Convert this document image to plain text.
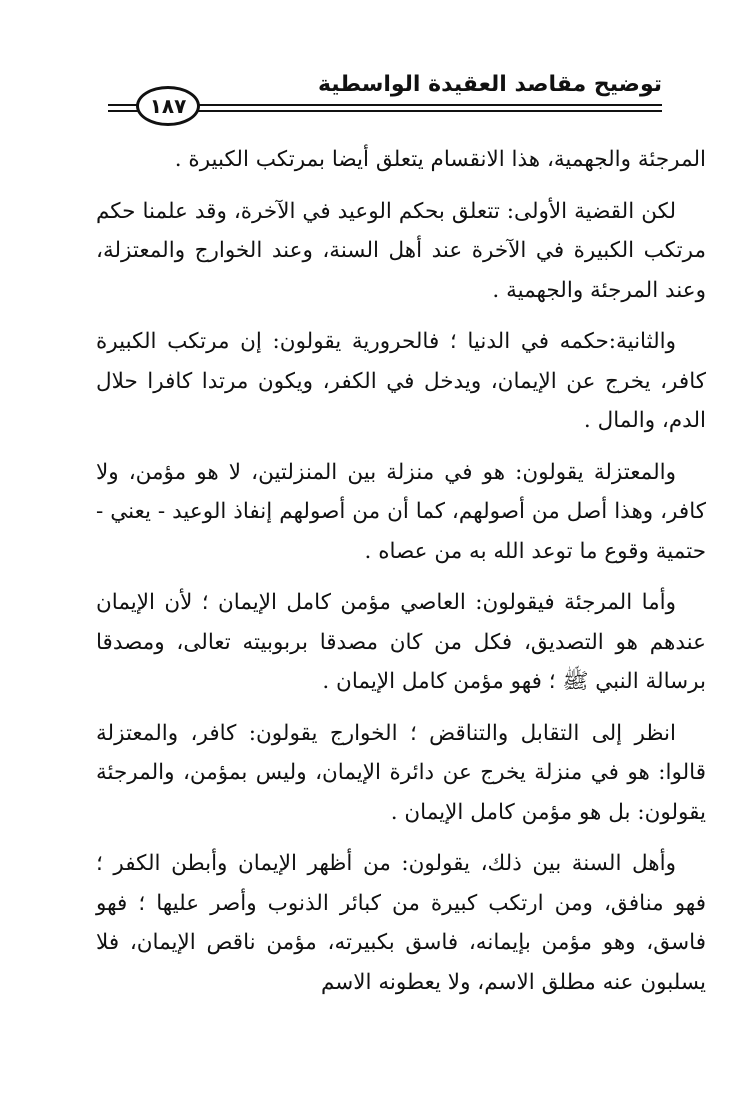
توضيح مقاصد العقيدة الواسطية
١٨٧

المرجئة والجهمية، هذا الانقسام يتعلق أيضا بمرتكب الكبيرة .

لكن القضية الأولى: تتعلق بحكم الوعيد في الآخرة، وقد علمنا حكم مرتكب الكبيرة في الآخرة عند أهل السنة، وعند الخوارج والمعتزلة، وعند المرجئة والجهمية .

والثانية:حكمه في الدنيا ؛ فالحرورية يقولون: إن مرتكب الكبيرة كافر، يخرج عن الإيمان، ويدخل في الكفر، ويكون مرتدا كافرا حلال الدم، والمال .

والمعتزلة يقولون: هو في منزلة بين المنزلتين، لا هو مؤمن، ولا كافر، وهذا أصل من أصولهم، كما أن من أصولهم إنفاذ الوعيد - يعني - حتمية وقوع ما توعد الله به من عصاه .

وأما المرجئة فيقولون: العاصي مؤمن كامل الإيمان ؛ لأن الإيمان عندهم هو التصديق، فكل من كان مصدقا بربوبيته تعالى، ومصدقا برسالة النبي ﷺ ؛ فهو مؤمن كامل الإيمان .

انظر إلى التقابل والتناقض ؛ الخوارج يقولون: كافر، والمعتزلة قالوا: هو في منزلة يخرج عن دائرة الإيمان، وليس بمؤمن، والمرجئة يقولون: بل هو مؤمن كامل الإيمان .

وأهل السنة بين ذلك، يقولون: من أظهر الإيمان وأبطن الكفر ؛ فهو منافق، ومن ارتكب كبيرة من كبائر الذنوب وأصر عليها ؛ فهو فاسق، وهو مؤمن بإيمانه، فاسق بكبيرته، مؤمن ناقص الإيمان، فلا يسلبون عنه مطلق الاسم، ولا يعطونه الاسم
